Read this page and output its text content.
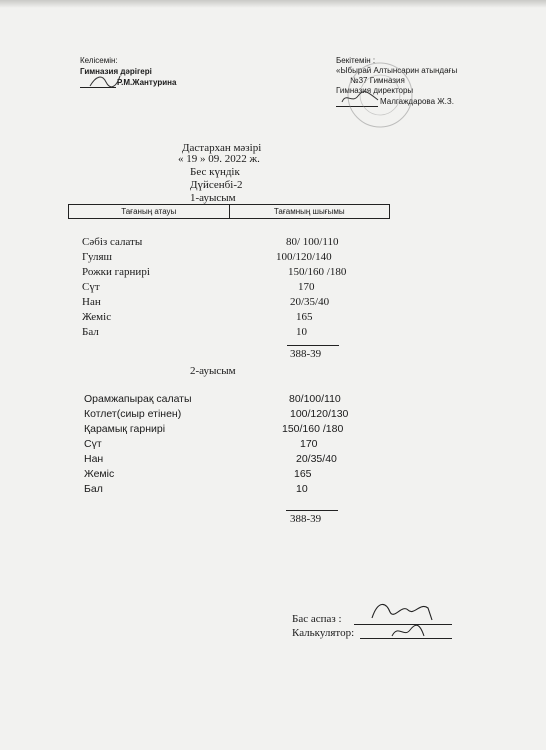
Келісемін:
Гимназия дәрігері
Р.М.Жантурина
Бекітемін :
«Ыбырай Алтынсарин атындағы
№37 Гимназия
Гимназия директоры
Малгаждарова Ж.З.
Дастархан мәзірі
« 19 » 09. 2022 ж.
Бес күндік
Дүйсенбі-2
1-ауысым
Тағаның атауы	Тағамның шығымы
Сәбіз салаты	80/ 100/110
Гуляш	100/120/140
Рожки гарнирі	150/160 /180
Сүт	170
Нан	20/35/40
Жеміс	165
Бал	10
388-39
2-ауысым
Орамжапырақ салаты	80/100/110
Котлет(сиыр етінен)	100/120/130
Қарамық гарнирі	150/160 /180
Сүт	170
Нан	20/35/40
Жеміс	165
Бал	10
388-39
Бас аспаз :
Калькулятор:
